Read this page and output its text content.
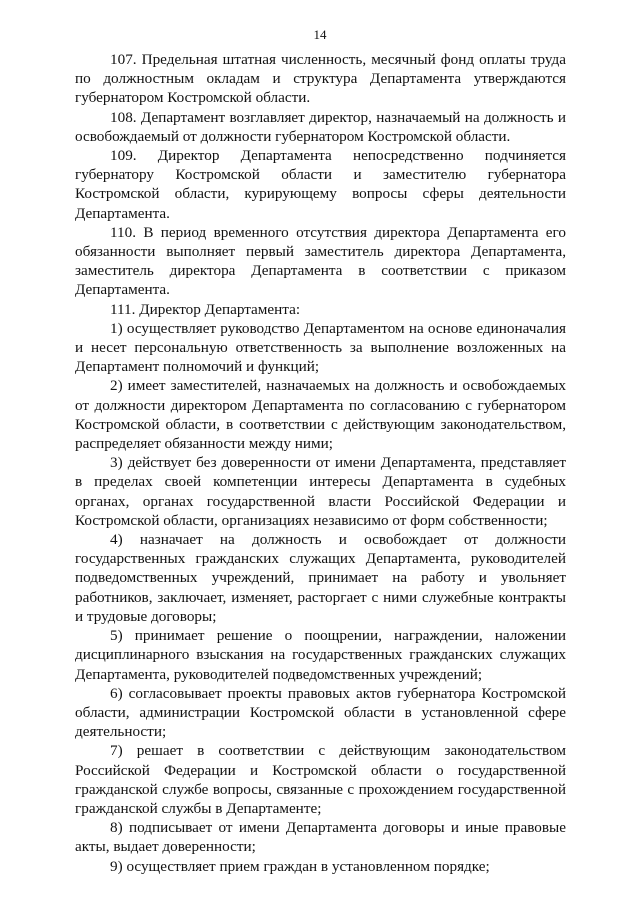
14

107. Предельная штатная численность, месячный фонд оплаты труда по должностным окладам и структура Департамента утверждаются губернатором Костромской области.

108. Департамент возглавляет директор, назначаемый на должность и освобождаемый от должности губернатором Костромской области.

109. Директор Департамента непосредственно подчиняется губернатору Костромской области и заместителю губернатора Костромской области, курирующему вопросы сферы деятельности Департамента.

110. В период временного отсутствия директора Департамента его обязанности выполняет первый заместитель директора Департамента, заместитель директора Департамента в соответствии с приказом Департамента.

111. Директор Департамента:

1) осуществляет руководство Департаментом на основе единоначалия и несет персональную ответственность за выполнение возложенных на Департамент полномочий и функций;

2) имеет заместителей, назначаемых на должность и освобождаемых от должности директором Департамента по согласованию с губернатором Костромской области, в соответствии с действующим законодательством, распределяет обязанности между ними;

3) действует без доверенности от имени Департамента, представляет в пределах своей компетенции интересы Департамента в судебных органах, органах государственной власти Российской Федерации и Костромской области, организациях независимо от форм собственности;

4) назначает на должность и освобождает от должности государственных гражданских служащих Департамента, руководителей подведомственных учреждений, принимает на работу и увольняет работников, заключает, изменяет, расторгает с ними служебные контракты и трудовые договоры;

5) принимает решение о поощрении, награждении, наложении дисциплинарного взыскания на государственных гражданских служащих Департамента, руководителей подведомственных учреждений;

6) согласовывает проекты правовых актов губернатора Костромской области, администрации Костромской области в установленной сфере деятельности;

7) решает в соответствии с действующим законодательством Российской Федерации и Костромской области о государственной гражданской службе вопросы, связанные с прохождением государственной гражданской службы в Департаменте;

8) подписывает от имени Департамента договоры и иные правовые акты, выдает доверенности;

9) осуществляет прием граждан в установленном порядке;
